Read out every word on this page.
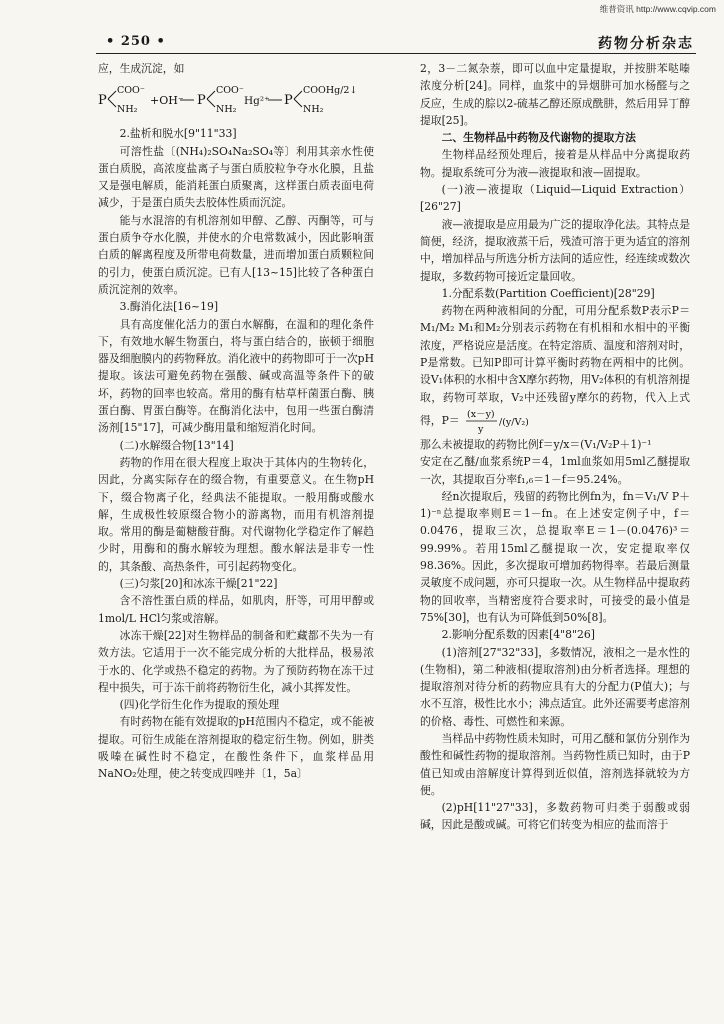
维普资讯 http://www.cqvip.com
• 250 •	药物分析杂志

应，生成沉淀，如

P
COO⁻
NH₂
+OH⁻ P
COO⁻
NH₂
Hg²⁺ P
COOHg/2↓
NH₂

2.盐析和脱水[9"11"33]

可溶性盐〔(NH₄)₂SO₄Na₂SO₄等〕利用其亲水性使蛋白质脱，高浓度盐离子与蛋白质胶粒争夺水化膜，且盐又是强电解质，能消耗蛋白质聚离，这样蛋白质表面电荷减少，于是蛋白质失去胶体性质而沉淀。

能与水混溶的有机溶剂如甲醇、乙醇、丙酮等，可与蛋白质争夺水化膜，并使水的介电常数减小，因此影响蛋白质的解离程度及所带电荷数量，进而增加蛋白质颗粒间的引力，使蛋白质沉淀。已有人[13~15]比较了各种蛋白质沉淀剂的效率。

3.酶消化法[16~19]

具有高度催化活力的蛋白水解酶，在温和的理化条件下，有效地水解生物蛋白，将与蛋白结合的，嵌顿于细胞器及细胞膜内的药物释放。消化液中的药物即可于一次pH提取。该法可避免药物在强酸、碱或高温等条件下的破坏，药物的回率也较高。常用的酶有枯草杆菌蛋白酶、胰蛋白酶、胃蛋白酶等。在酶消化法中，包用一些蛋白酶清汤剂[15"17]，可减少酶用量和缩短消化时间。

(二)水解缀合物[13"14]

药物的作用在很大程度上取决于其体内的生物转化，因此，分离实际存在的缀合物，有重要意义。在生物pH下，缀合物离子化，经典法不能提取。一般用酶或酸水解，生成极性较原缀合物小的游离物，而用有机溶剂提取。常用的酶是葡糖酸苷酶。对代谢物化学稳定作了解趋少时，用酶和的酶水解较为理想。酸水解法是非专一性的，其条酸、高热条件，可引起药物变化。

(三)匀浆[20]和冰冻干燥[21"22]

含不溶性蛋白质的样品，如肌肉，肝等，可用甲醇或1mol/L HCl匀浆或溶解。

冰冻干燥[22]对生物样品的制备和贮藏都不失为一有效方法。它适用于一次不能完成分析的大批样品，极易浓于水的、化学或热不稳定的药物。为了预防药物在冻干过程中损失，可于冻干前将药物衍生化，减小其挥发性。

(四)化学衍生化作为提取的预处理

有时药物在能有效提取的pH范围内不稳定，或不能被提取。可衍生成能在溶剂提取的稳定衍生物。例如，肼类吸嗪在碱性时不稳定，在酸性条件下，血浆样品用NaNO₂处理，使之转变成四唑并〔1，5a〕

2，3－二氮杂萘，即可以血中定量提取，并按肼苯哒嗪浓度分析[24]。同样，血浆中的异烟肼可加水杨醛与之反应，生成的腙以2-硫基乙醇还原成酰肼，然后用异丁醇提取[25]。

二、生物样品中药物及代谢物的提取方法

生物样品经预处理后，接着是从样品中分离提取药物。提取系统可分为液—液提取和液—固提取。

(一)液—液提取（Liquid—Liquid Extraction）[26"27]

液—液提取是应用最为广泛的提取净化法。其特点是简便，经济，提取液蒸干后，残渣可溶于更为适宜的溶剂中，增加样品与所选分析方法间的适应性，经连续或数次提取，多数药物可接近定量回收。

1.分配系数(Partition Coefficient)[28"29]

药物在两种液相间的分配，可用分配系数P表示P＝M₁/M₂ M₁和M₂分别表示药物在有机相和水相中的平衡浓度，严格说应是活度。在特定溶质、温度和溶剂对时，P是常数。已知P即可计算平衡时药物在两相中的比例。设V₁体积的水相中含X摩尔药物，用V₂体积的有机溶剂提取，药物可萃取，V₂中还残留y摩尔的药物，代入上式得，P＝ (x－y)
y
/(y/V₂)

那么未被提取的药物比例f＝y/x＝(V₁/V₂P＋1)⁻¹

安定在乙醚/血浆系统P＝4，1ml血浆如用5ml乙醚提取一次，其提取百分率f₁,₆＝1－f＝95.24%。

经n次提取后，残留的药物比例fn为，fn＝V₁/V P＋1)⁻ⁿ总提取率则E＝1－fn。在上述安定例子中，f＝0.0476，提取三次，总提取率E＝1－(0.0476)³＝99.99%。若用15ml乙醚提取一次，安定提取率仅98.36%。因此，多次提取可增加药物得率。若最后测量灵敏度不成问题，亦可只提取一次。从生物样品中提取药物的回收率，当精密度符合要求时，可接受的最小值是75%[30]，也有认为可降低到50%[8]。

2.影响分配系数的因素[4"8"26]

(1)溶剂[27"32"33]，多数情况，液相之一是水性的(生物相)，第二种液相(提取溶剂)由分析者选择。理想的提取溶剂对待分析的药物应具有大的分配力(P值大)；与水不互溶，极性比水小；沸点适宜。此外还需要考虑溶剂的价格、毒性、可燃性和来源。

当样品中药物性质未知时，可用乙醚和氯仿分别作为酸性和碱性药物的提取溶剂。当药物性质已知时，由于P值已知或由溶解度计算得到近似值，溶剂选择就较为方便。

(2)pH[11"27"33]，多数药物可归类于弱酸或弱碱，因此是酸或碱。可将它们转变为相应的盐而溶于
